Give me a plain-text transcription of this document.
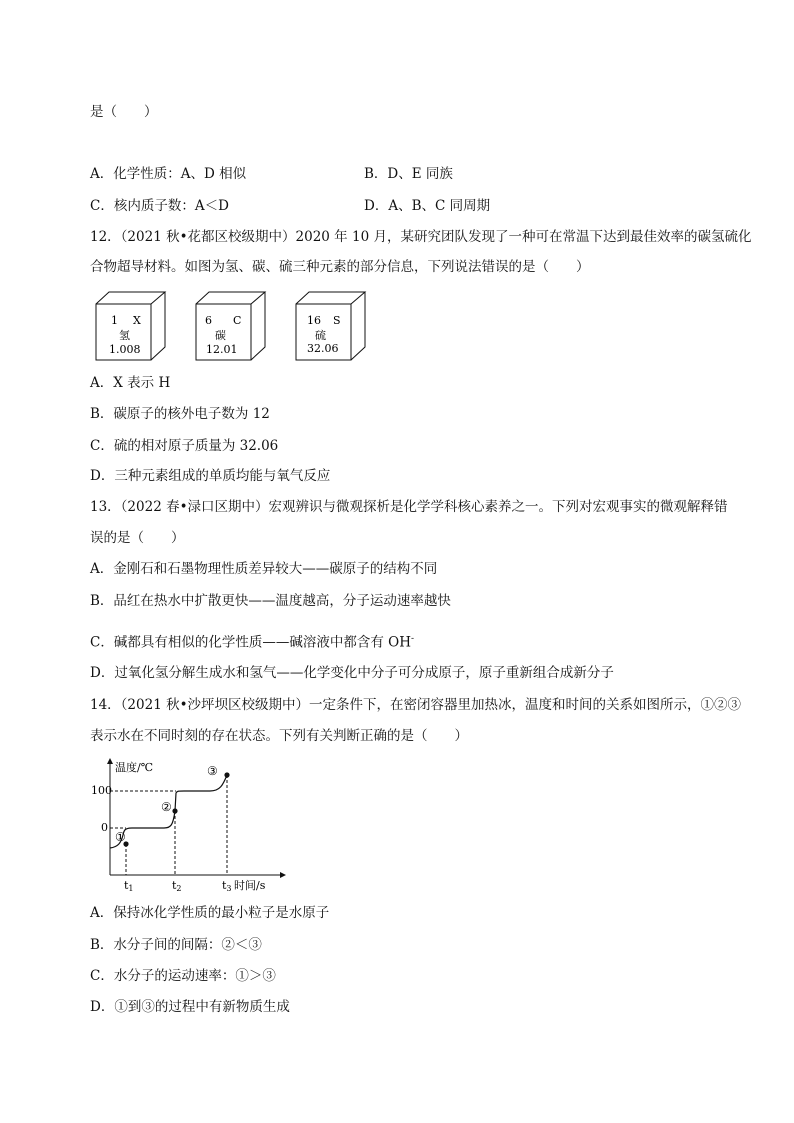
是（　　）
A．化学性质：A、D 相似	B．D、E 同族
C．核内质子数：A＜D	D．A、B、C 同周期
12．（2021 秋•花都区校级期中）2020 年 10 月，某研究团队发现了一种可在常温下达到最佳效率的碳氢硫化
合物超导材料。如图为氢、碳、硫三种元素的部分信息，下列说法错误的是（　　）
1 X
氢
1.008
6 C
碳
12.01
16 S
硫
32.06
A．X 表示 H
B．碳原子的核外电子数为 12
C．硫的相对原子质量为 32.06
D．三种元素组成的单质均能与氧气反应
13．（2022 春•渌口区期中）宏观辨识与微观探析是化学学科核心素养之一。下列对宏观事实的微观解释错
误的是（　　）
A．金刚石和石墨物理性质差异较大——碳原子的结构不同
B．品红在热水中扩散更快——温度越高，分子运动速率越快
C．碱都具有相似的化学性质——碱溶液中都含有 OH-
D．过氧化氢分解生成水和氢气——化学变化中分子可分成原子，原子重新组合成新分子
14．（2021 秋•沙坪坝区校级期中）一定条件下，在密闭容器里加热冰，温度和时间的关系如图所示，①②③
表示水在不同时刻的存在状态。下列有关判断正确的是（　　）
温度/℃
时间/s
100
0
①
②
③
t1	t2	t3
A．保持冰化学性质的最小粒子是水原子
B．水分子间的间隔：②＜③
C．水分子的运动速率：①＞③
D．①到③的过程中有新物质生成
